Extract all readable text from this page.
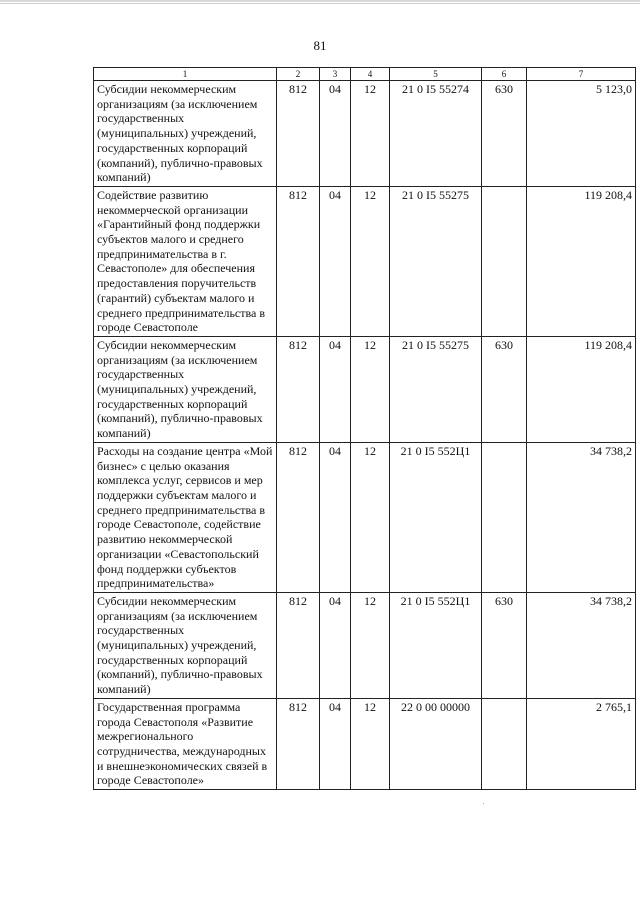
81
1	2	3	4	5	6	7
Субсидии некоммерческим организациям (за исключением государственных (муниципальных) учреждений, государственных корпораций (компаний), публично-правовых компаний)	812	04	12	21 0 I5 55274	630	5 123,0
Содействие развитию некоммерческой организации «Гарантийный фонд поддержки субъектов малого и среднего предпринимательства в г. Севастополе» для обеспечения предоставления поручительств (гарантий) субъектам малого и среднего предпринимательства в городе Севастополе	812	04	12	21 0 I5 55275		119 208,4
Субсидии некоммерческим организациям (за исключением государственных (муниципальных) учреждений, государственных корпораций (компаний), публично-правовых компаний)	812	04	12	21 0 I5 55275	630	119 208,4
Расходы на создание центра «Мой бизнес» с целью оказания комплекса услуг, сервисов и мер поддержки субъектам малого и среднего предпринимательства в городе Севастополе, содействие развитию некоммерческой организации «Севастопольский фонд поддержки субъектов предпринимательства»	812	04	12	21 0 I5 552Ц1		34 738,2
Субсидии некоммерческим организациям (за исключением государственных (муниципальных) учреждений, государственных корпораций (компаний), публично-правовых компаний)	812	04	12	21 0 I5 552Ц1	630	34 738,2
Государственная программа города Севастополя «Развитие межрегионального сотрудничества, международных и внешнеэкономических связей в городе Севастополе»	812	04	12	22 0 00 00000		2 765,1
